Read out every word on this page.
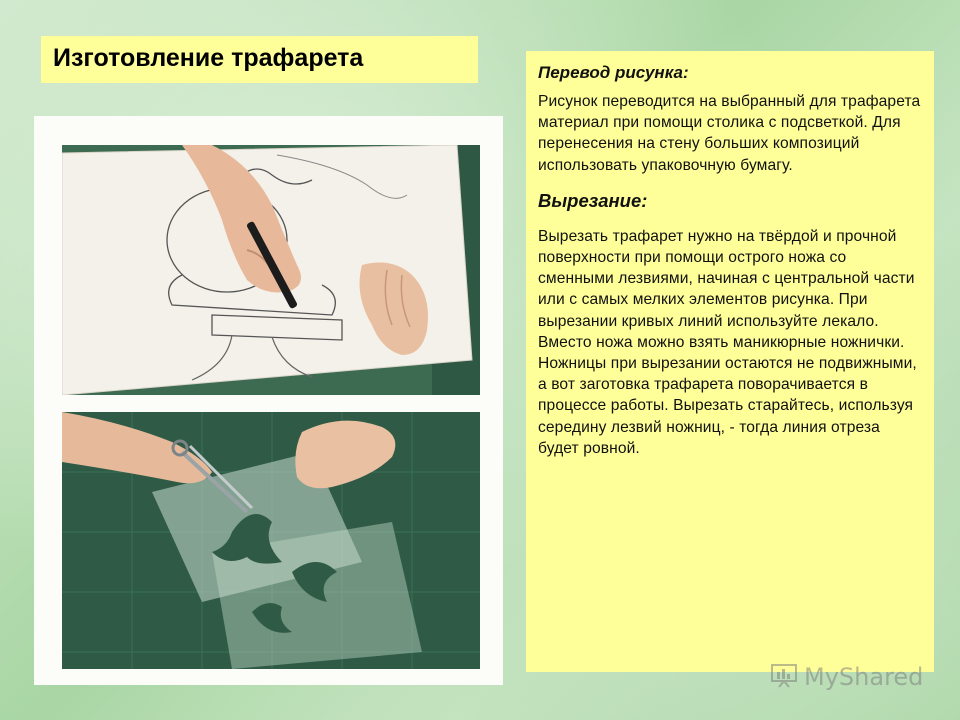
Изготовление трафарета
Перевод рисунка:

Рисунок переводится на выбранный для трафарета материал при помощи столика с подсветкой. Для перенесения на стену больших композиций использовать упаковочную бумагу.

Вырезание:

Вырезать трафарет нужно на твёрдой и прочной поверхности при помощи острого ножа со сменными лезвиями, начиная с центральной части или с самых мелких элементов рисунка. При вырезании кривых линий используйте лекало. Вместо ножа можно взять маникюрные ножнички. Ножницы при вырезании остаются не подвижными, а вот заготовка трафарета поворачивается в процессе работы. Вырезать старайтесь, используя середину лезвий ножниц, - тогда линия отреза будет ровной.

MyShared
